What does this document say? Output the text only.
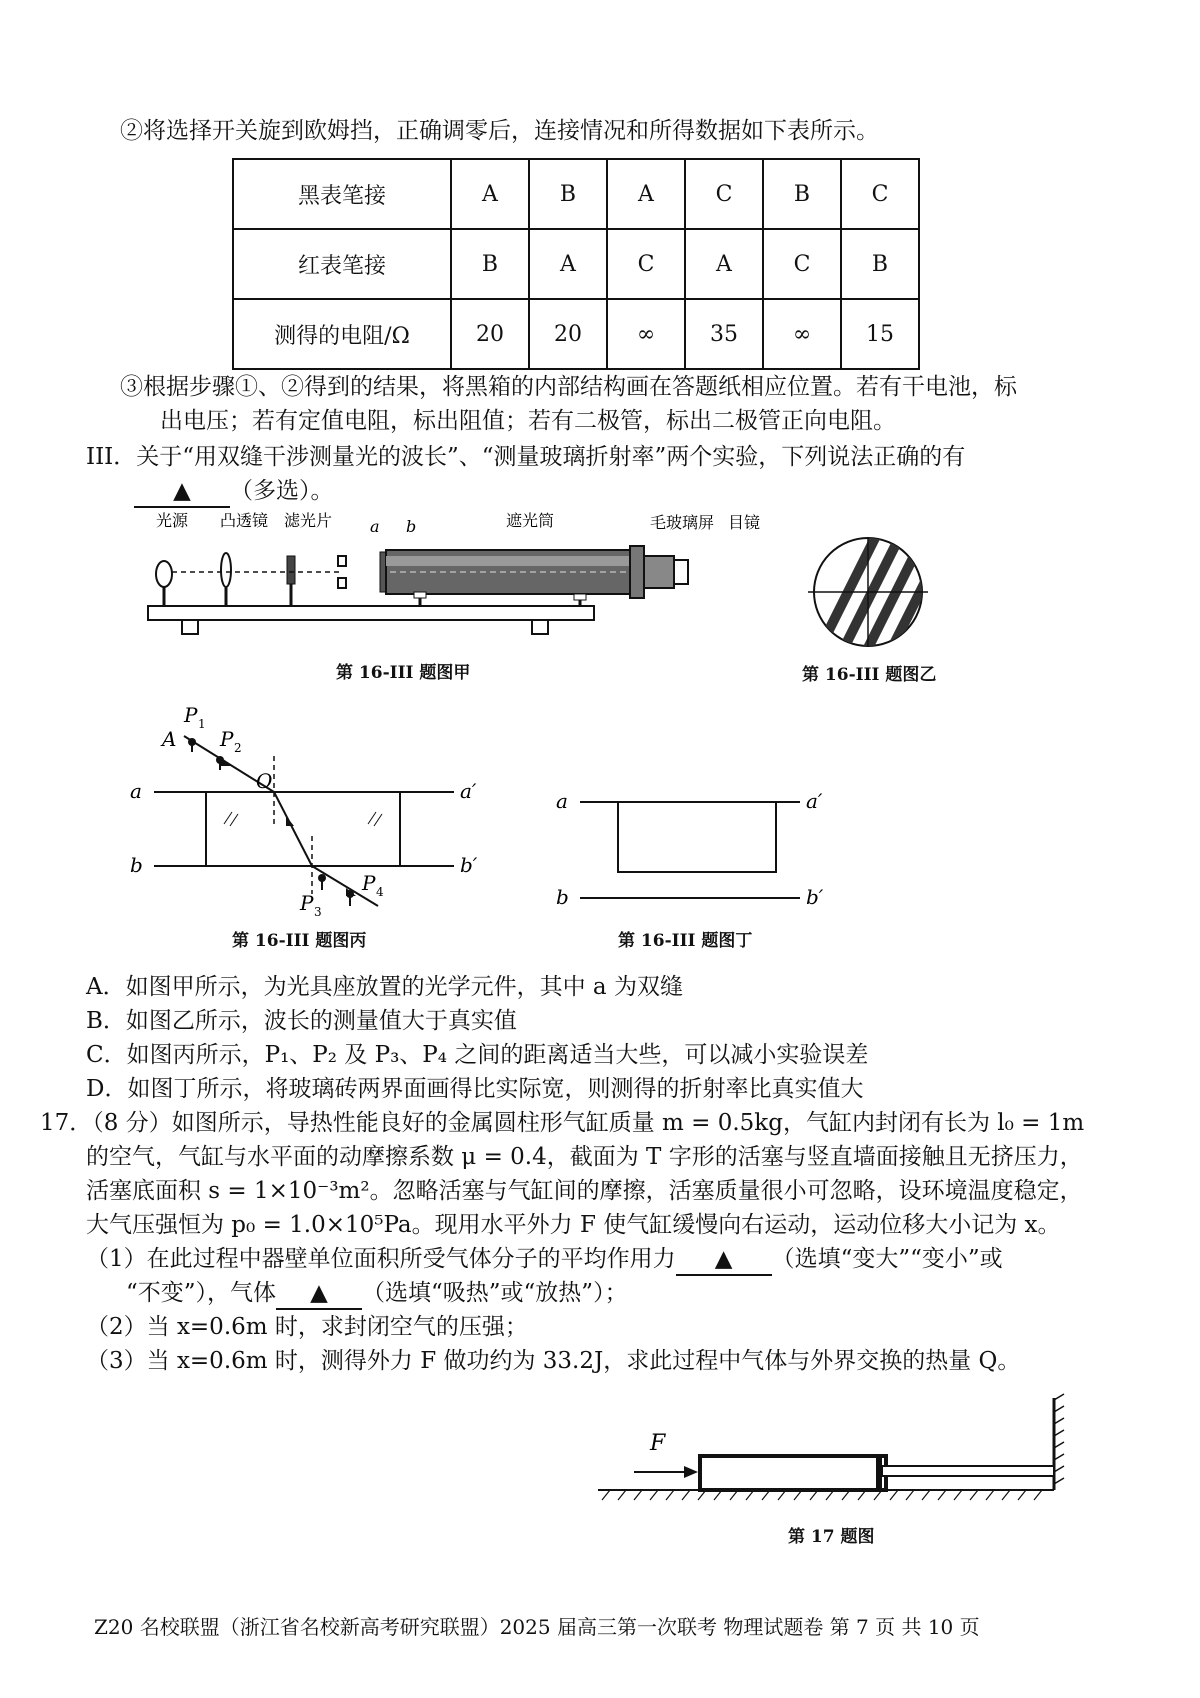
②将选择开关旋到欧姆挡，正确调零后，连接情况和所得数据如下表所示。
黑表笔接	A	B	A	C	B	C
红表笔接	B	A	C	A	C	B
测得的电阻/Ω	20	20	∞	35	∞	15
③根据步骤①、②得到的结果，将黑箱的内部结构画在答题纸相应位置。若有干电池，标
出电压；若有定值电阻，标出阻值；若有二极管，标出二极管正向电阻。
III．关于“用双缝干涉测量光的波长”、“测量玻璃折射率”两个实验，下列说法正确的有
▲ （多选）。
光源 凸透镜 滤光片 a b	遮光筒	毛玻璃屏 目镜
第 16-III 题图甲	第 16-III 题图乙
a	a′
b	b′
A
P 1
P 2
O
P 3
P 4
第 16-III 题图丙
a	a′
b	b′
第 16-III 题图丁
A．如图甲所示，为光具座放置的光学元件，其中 a 为双缝
B．如图乙所示，波长的测量值大于真实值
C．如图丙所示，P₁、P₂ 及 P₃、P₄ 之间的距离适当大些，可以减小实验误差
D．如图丁所示，将玻璃砖两界面画得比实际宽，则测得的折射率比真实值大
17．（8 分）如图所示，导热性能良好的金属圆柱形气缸质量 m = 0.5kg，气缸内封闭有长为 l₀ = 1m
的空气，气缸与水平面的动摩擦系数 μ = 0.4，截面为 T 字形的活塞与竖直墙面接触且无挤压力，
活塞底面积 s = 1×10⁻³m²。忽略活塞与气缸间的摩擦，活塞质量很小可忽略，设环境温度稳定，
大气压强恒为 p₀ = 1.0×10⁵Pa。现用水平外力 F 使气缸缓慢向右运动，运动位移大小记为 x。
（1）在此过程中器壁单位面积所受气体分子的平均作用力 ▲ （选填“变大”“变小”或
“不变”），气体 ▲ （选填“吸热”或“放热”）；
（2）当 x=0.6m 时，求封闭空气的压强；
（3）当 x=0.6m 时，测得外力 F 做功约为 33.2J，求此过程中气体与外界交换的热量 Q。
F
第 17 题图
Z20 名校联盟（浙江省名校新高考研究联盟）2025 届高三第一次联考 物理试题卷 第 7 页 共 10 页
